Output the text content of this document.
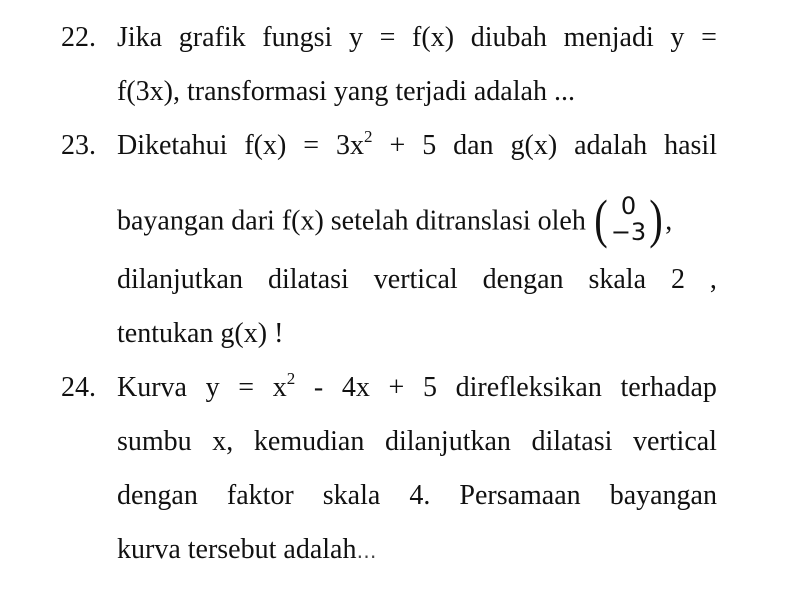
22. Jika grafik fungsi y = f(x) diubah menjadi y =
f(3x), transformasi yang terjadi adalah ...
23. Diketahui $f(x) = 3x^2 + 5$ dan g(x) adalah hasil
bayangan dari f(x) setelah ditranslasi oleh ( 0
−3 ) ,
dilanjutkan dilatasi vertical dengan skala 2 ,
tentukan g(x) !
24. Kurva $y = x^2 - 4x + 5$ direfleksikan terhadap
sumbu x, kemudian dilanjutkan dilatasi vertical
dengan faktor skala 4. Persamaan bayangan
kurva tersebut adalah…
